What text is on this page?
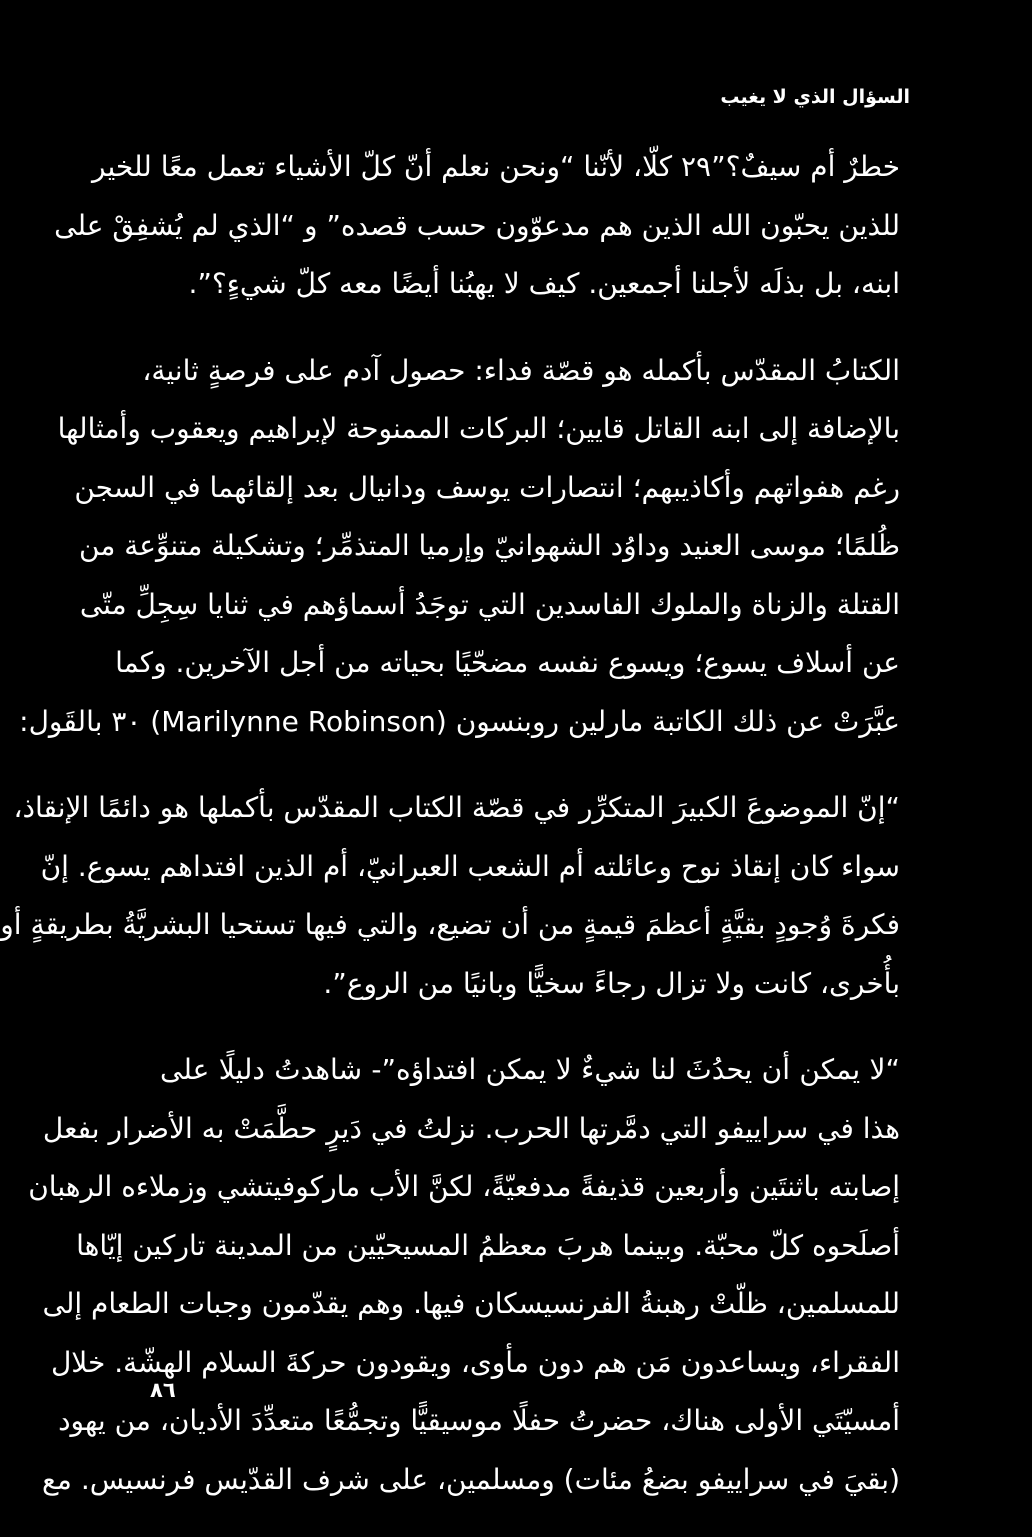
السؤال الذي لا يغيب
خطرٌ أم سيفٌ؟”٢٩ كلّا، لأنّنا “ونحن نعلم أنّ كلّ الأشياء تعمل معًا للخير
للذين يحبّون الله الذين هم مدعوّون حسب قصده” و “الذي لم يُشفِقْ على
ابنه، بل بذلَه لأجلنا أجمعين. كيف لا يهبُنا أيضًا معه كلّ شيءٍ؟”.
الكتابُ المقدّس بأكمله هو قصّة فداء: حصول آدم على فرصةٍ ثانية،
بالإضافة إلى ابنه القاتل قايين؛ البركات الممنوحة لإبراهيم ويعقوب وأمثالها
رغم هفواتهم وأكاذيبهم؛ انتصارات يوسف ودانيال بعد إلقائهما في السجن
ظُلمًا؛ موسى العنيد وداوُد الشهوانيّ وإرميا المتذمِّر؛ وتشكيلة متنوِّعة من
القتلة والزناة والملوك الفاسدين التي توجَدُ أسماؤهم في ثنايا سِجِلِّ متّى
عن أسلاف يسوع؛ ويسوع نفسه مضحّيًا بحياته من أجل الآخرين. وكما
عبَّرَتْ عن ذلك الكاتبة مارلين روبنسون (Marilynne Robinson) ٣٠ بالقَول:
“إنّ الموضوعَ الكبيرَ المتكرِّر في قصّة الكتاب المقدّس بأكملها هو دائمًا الإنقاذ،
سواء كان إنقاذ نوح وعائلته أم الشعب العبرانيّ، أم الذين افتداهم يسوع. إنّ
فكرةَ وُجودٍ بقيَّةٍ أعظمَ قيمةٍ من أن تضيع، والتي فيها تستحيا البشريَّةُ بطريقةٍ أو
بأُخرى، كانت ولا تزال رجاءً سخيًّا وبانيًا من الروع”.
“لا يمكن أن يحدُثَ لنا شيءٌ لا يمكن افتداؤه”- شاهدتُ دليلًا على
هذا في سراييفو التي دمَّرتها الحرب. نزلتُ في دَيرٍ حطَّمَتْ به الأضرار بفعل
إصابته باثنتَين وأربعين قذيفةً مدفعيّةً، لكنَّ الأب ماركوفيتشي وزملاءه الرهبان
أصلَحوه كلّ محبّة. وبينما هربَ معظمُ المسيحيّين من المدينة تاركين إيّاها
للمسلمين، ظلّتْ رهبنةُ الفرنسيسكان فيها. وهم يقدّمون وجبات الطعام إلى
الفقراء، ويساعدون مَن هم دون مأوى، ويقودون حركةَ السلام الهشّة. خلال
أمسيّتَي الأولى هناك، حضرتُ حفلًا موسيقيًّا وتجمُّعًا متعدِّدَ الأديان، من يهود
(بقيَ في سراييفو بضعُ مئات) ومسلمين، على شرف القدّيس فرنسيس. مع
٨٦
